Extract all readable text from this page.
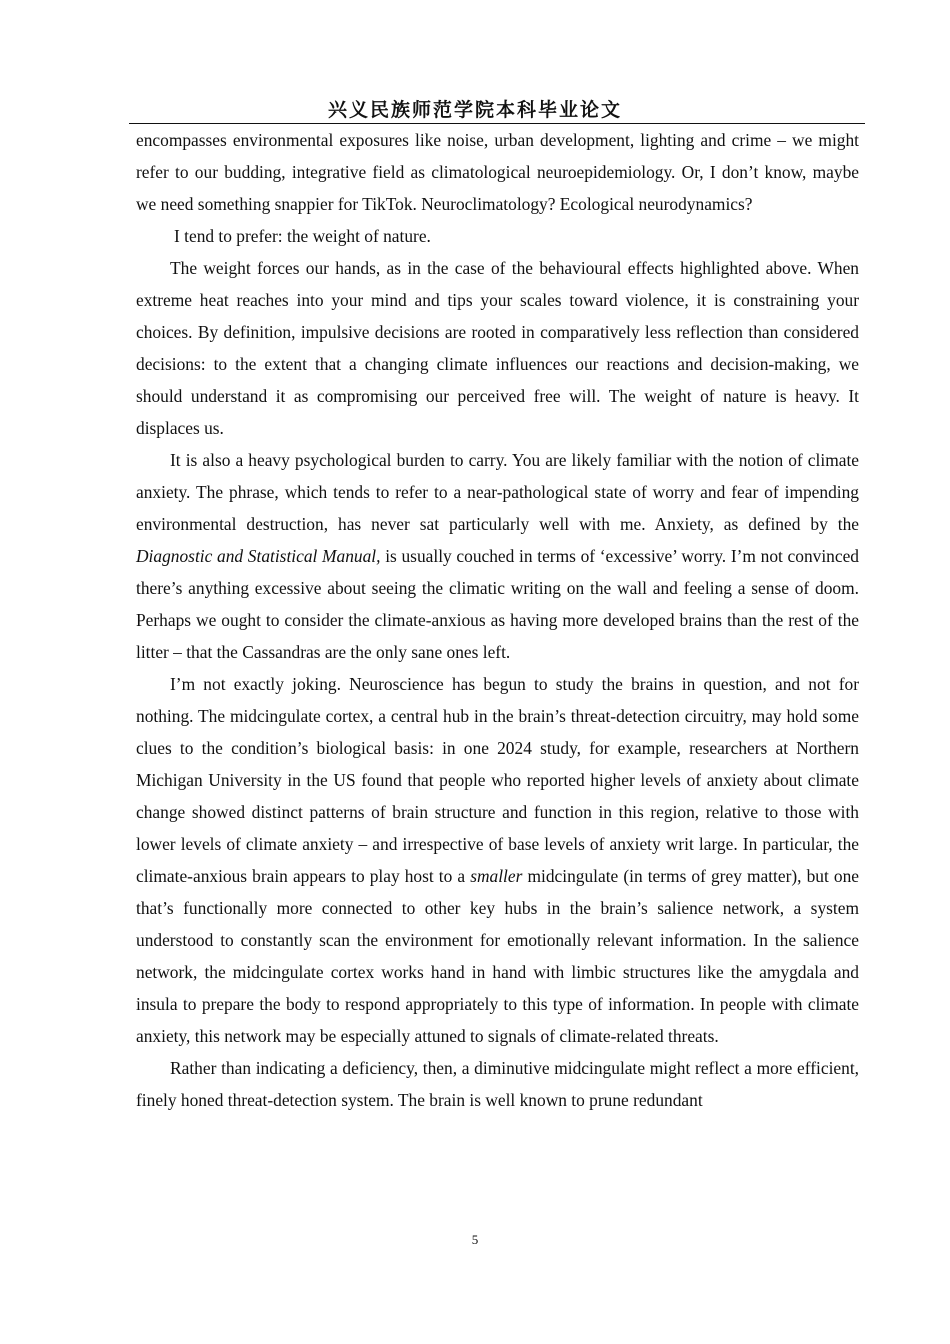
兴义民族师范学院本科毕业论文

encompasses environmental exposures like noise, urban development, lighting and crime – we might refer to our budding, integrative field as climatological neuroepidemiology. Or, I don’t know, maybe we need something snappier for TikTok. Neuroclimatology? Ecological neurodynamics?

I tend to prefer: the weight of nature.

The weight forces our hands, as in the case of the behavioural effects highlighted above. When extreme heat reaches into your mind and tips your scales toward violence, it is constraining your choices. By definition, impulsive decisions are rooted in comparatively less reflection than considered decisions: to the extent that a changing climate influences our reactions and decision-making, we should understand it as compromising our perceived free will. The weight of nature is heavy. It displaces us.

It is also a heavy psychological burden to carry. You are likely familiar with the notion of climate anxiety. The phrase, which tends to refer to a near-pathological state of worry and fear of impending environmental destruction, has never sat particularly well with me. Anxiety, as defined by the Diagnostic and Statistical Manual, is usually couched in terms of ‘excessive’ worry. I’m not convinced there’s anything excessive about seeing the climatic writing on the wall and feeling a sense of doom. Perhaps we ought to consider the climate-anxious as having more developed brains than the rest of the litter – that the Cassandras are the only sane ones left.

I’m not exactly joking. Neuroscience has begun to study the brains in question, and not for nothing. The midcingulate cortex, a central hub in the brain’s threat-detection circuitry, may hold some clues to the condition’s biological basis: in one 2024 study, for example, researchers at Northern Michigan University in the US found that people who reported higher levels of anxiety about climate change showed distinct patterns of brain structure and function in this region, relative to those with lower levels of climate anxiety – and irrespective of base levels of anxiety writ large. In particular, the climate-anxious brain appears to play host to a smaller midcingulate (in terms of grey matter), but one that’s functionally more connected to other key hubs in the brain’s salience network, a system understood to constantly scan the environment for emotionally relevant information. In the salience network, the midcingulate cortex works hand in hand with limbic structures like the amygdala and insula to prepare the body to respond appropriately to this type of information. In people with climate anxiety, this network may be especially attuned to signals of climate-related threats.

Rather than indicating a deficiency, then, a diminutive midcingulate might reflect a more efficient, finely honed threat-detection system. The brain is well known to prune redundant

5
